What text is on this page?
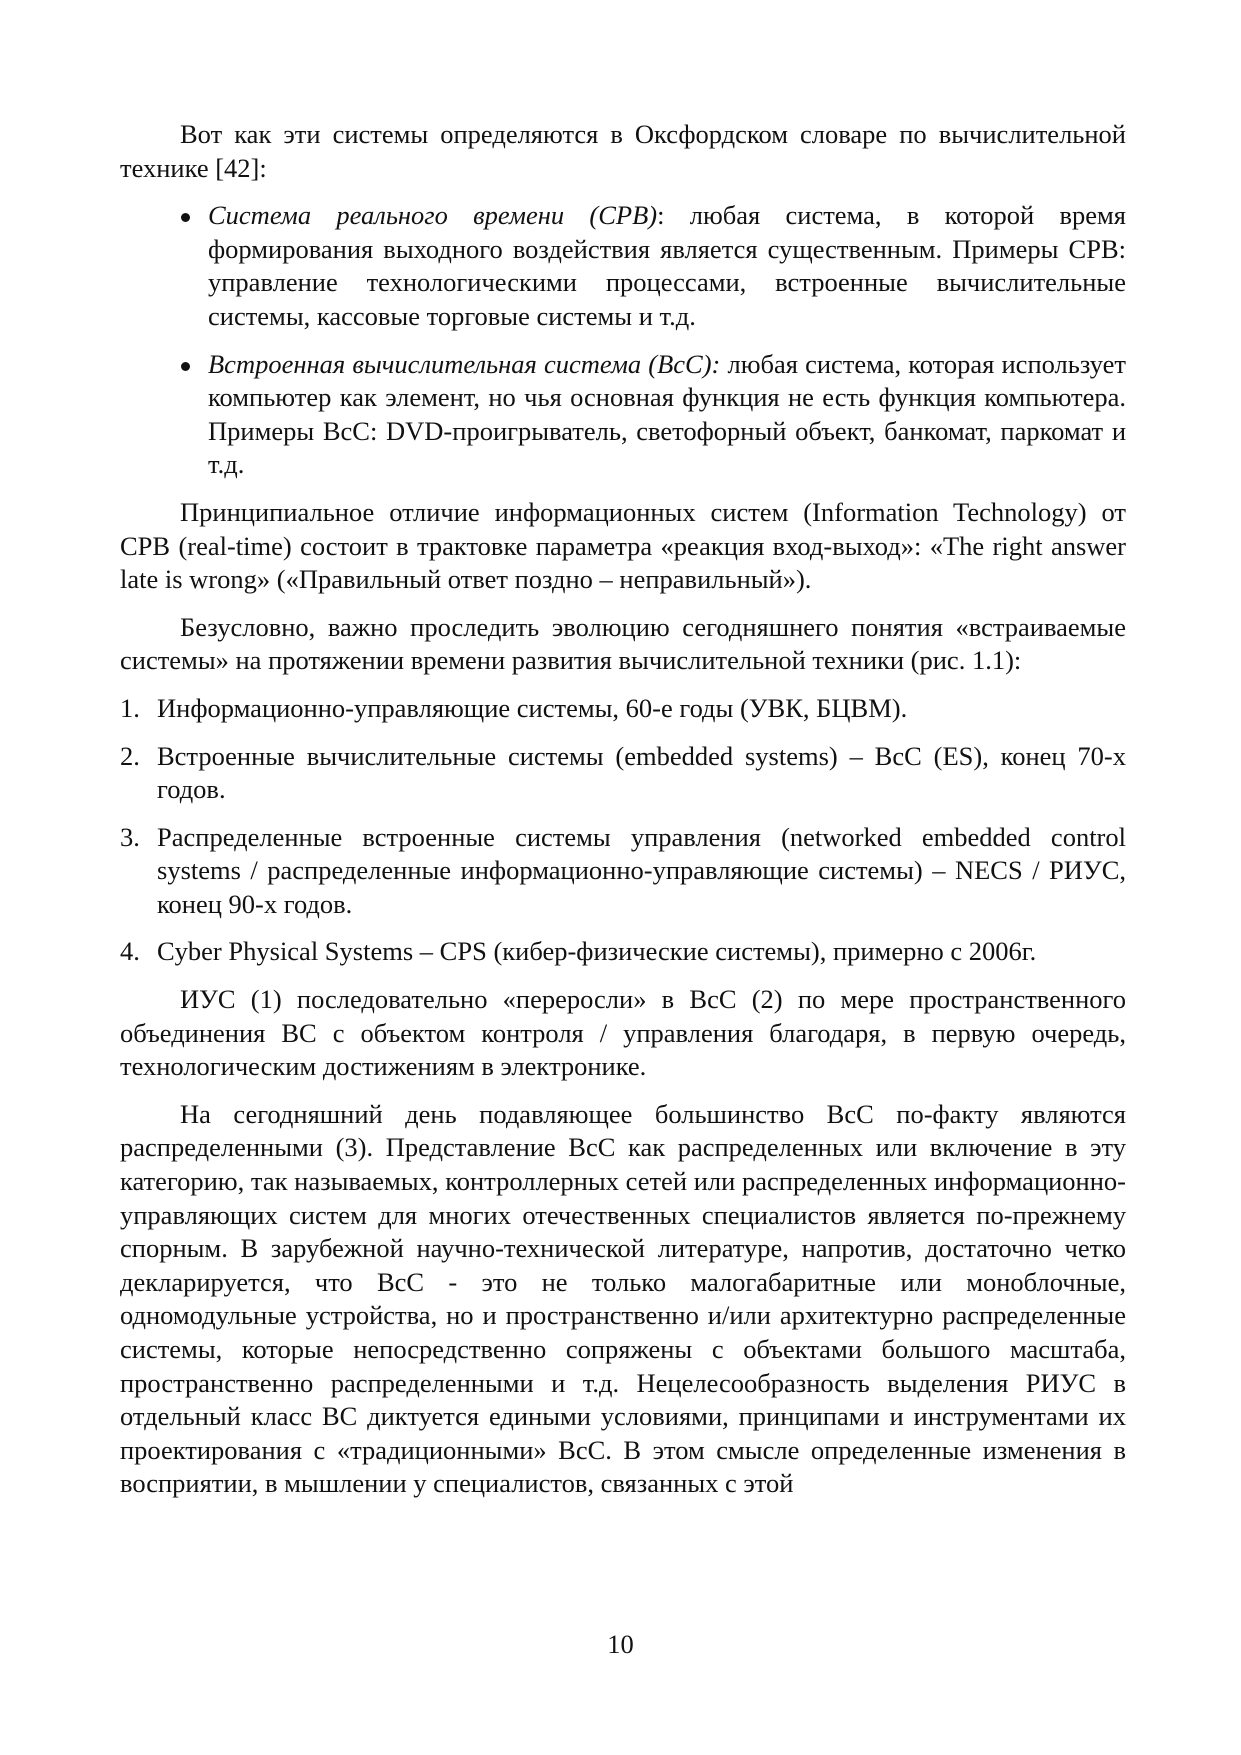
Вот как эти системы определяются в Оксфордском словаре по вычислительной технике [42]:

Система реального времени (СРВ): любая система, в которой время формирования выходного воздействия является существенным. Примеры СРВ: управление технологическими процессами, встроенные вычислительные системы, кассовые торговые системы и т.д.
Встроенная вычислительная система (ВсС): любая система, которая использует компьютер как элемент, но чья основная функция не есть функция компьютера. Примеры ВсС: DVD-проигрыватель, светофорный объект, банкомат, паркомат и т.д.

Принципиальное отличие информационных систем (Information Technology) от СРВ (real-time) состоит в трактовке параметра «реакция вход-выход»: «The right answer late is wrong» («Правильный ответ поздно – неправильный»).

Безусловно, важно проследить эволюцию сегодняшнего понятия «встраиваемые системы» на протяжении времени развития вычислительной техники (рис. 1.1):

1. Информационно-управляющие системы, 60-е годы (УВК, БЦВМ).
2. Встроенные вычислительные системы (embedded systems) – ВсС (ES), конец 70-х годов.
3. Распределенные встроенные системы управления (networked embedded control systems / распределенные информационно-управляющие системы) – NECS / РИУС, конец 90-х годов.
4. Cyber Physical Systems – CPS (кибер-физические системы), примерно с 2006г.

ИУС (1) последовательно «переросли» в ВсС (2) по мере пространственного объединения ВС с объектом контроля / управления благодаря, в первую очередь, технологическим достижениям в электронике.

На сегодняшний день подавляющее большинство ВсС по-факту являются распределенными (3). Представление ВсС как распределенных или включение в эту категорию, так называемых, контроллерных сетей или распределенных информационно-управляющих систем для многих отечественных специалистов является по-прежнему спорным. В зарубежной научно-технической литературе, напротив, достаточно четко декларируется, что ВсС - это не только малогабаритные или моноблочные, одномодульные устройства, но и пространственно и/или архитектурно распределенные системы, которые непосредственно сопряжены с объектами большого масштаба, пространственно распределенными и т.д. Нецелесообразность выделения РИУС в отдельный класс ВС диктуется едиными условиями, принципами и инструментами их проектирования с «традиционными» ВсС. В этом смысле определенные изменения в восприятии, в мышлении у специалистов, связанных с этой

10
